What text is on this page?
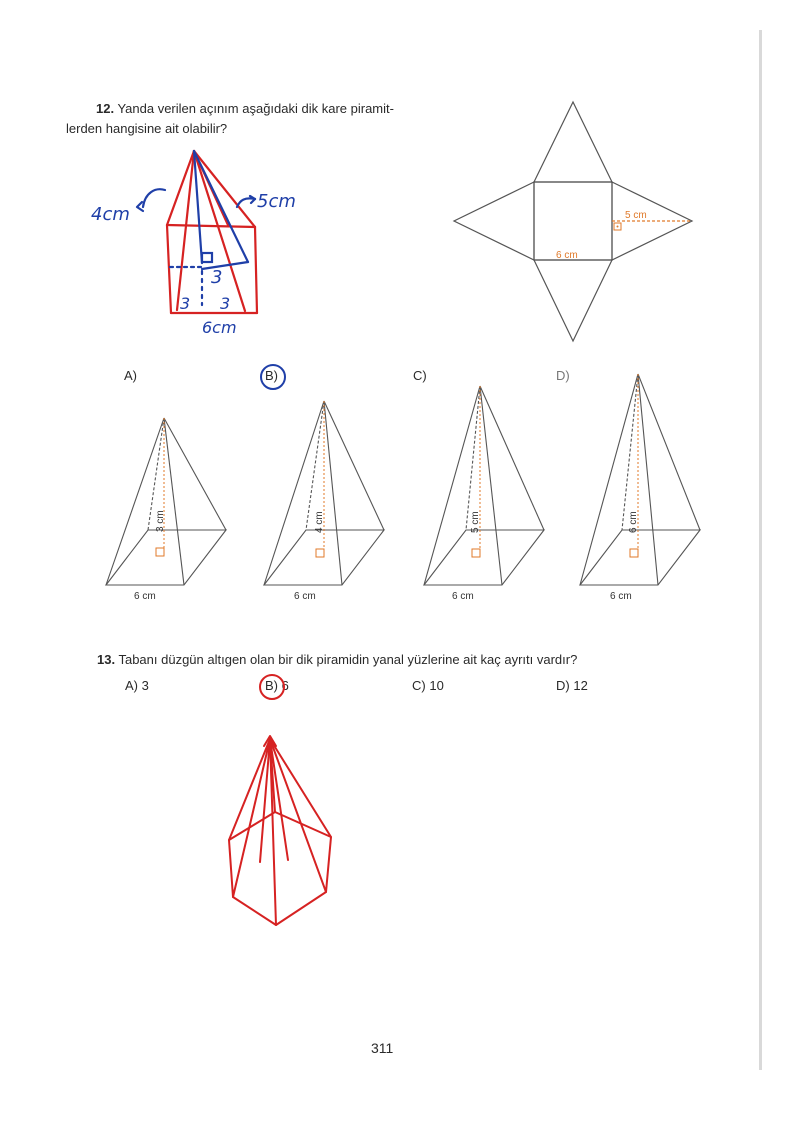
12. Yanda verilen açınım aşağıdaki dik kare piramit-
lerden hangisine ait olabilir?
5 cm
6 cm
4cm
5cm
3
3 3
6cm
A)	B)	C)	D)
3 cm
6 cm
4 cm
6 cm
5 cm
6 cm
6 cm
6 cm
13. Tabanı düzgün altıgen olan bir dik piramidin yanal yüzlerine ait kaç ayrıtı vardır?
A) 3	B) 6	C) 10	D) 12
311
